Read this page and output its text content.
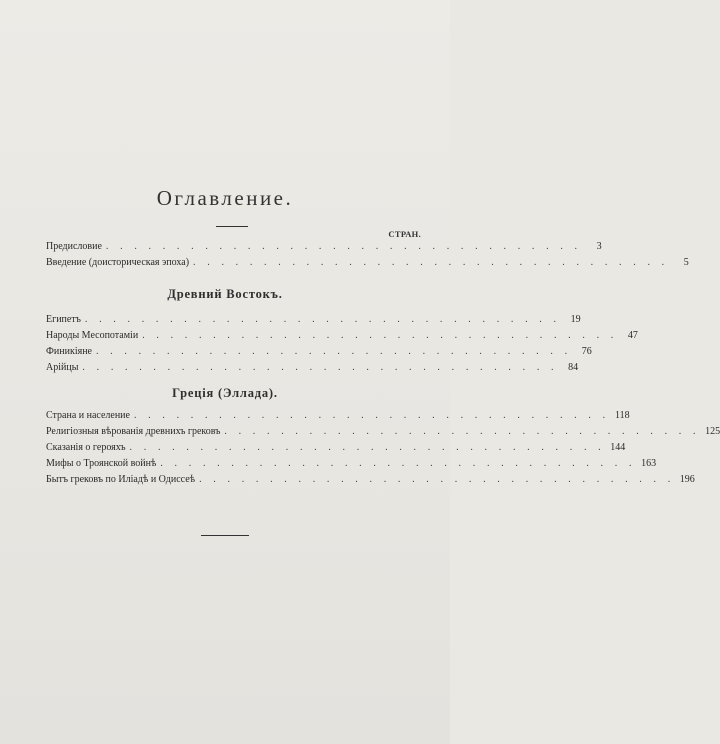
Оглавление.
СТРАН.
Предисловие . . . . . . . . . . . . . . . . . . . . . . . . . . . . . . . . . .	3
Введение (доисторическая эпоха) . . . . . . . . . . . . . . . . . . . . . . . . . . . . . . . . . .	5
Древний Востокъ.
Египетъ . . . . . . . . . . . . . . . . . . . . . . . . . . . . . . . . . .	19
Народы Месопотаміи . . . . . . . . . . . . . . . . . . . . . . . . . . . . . . . . . .	47
Финикіяне . . . . . . . . . . . . . . . . . . . . . . . . . . . . . . . . . .	76
Арійцы . . . . . . . . . . . . . . . . . . . . . . . . . . . . . . . . . .	84
Греція (Эллада).
Страна и население . . . . . . . . . . . . . . . . . . . . . . . . . . . . . . . . . . 118
Религіозныя вѣрованія древнихъ грековъ . . . . . . . . . . . . . . . . . . . . . . . . . . . . . . . . . . 125
Сказанія о герояхъ . . . . . . . . . . . . . . . . . . . . . . . . . . . . . . . . . . 144
Мифы о Троянской войнѣ . . . . . . . . . . . . . . . . . . . . . . . . . . . . . . . . . . 163
Бытъ грековъ по Иліадѣ и Одиссеѣ . . . . . . . . . . . . . . . . . . . . . . . . . . . . . . . . . . 196
